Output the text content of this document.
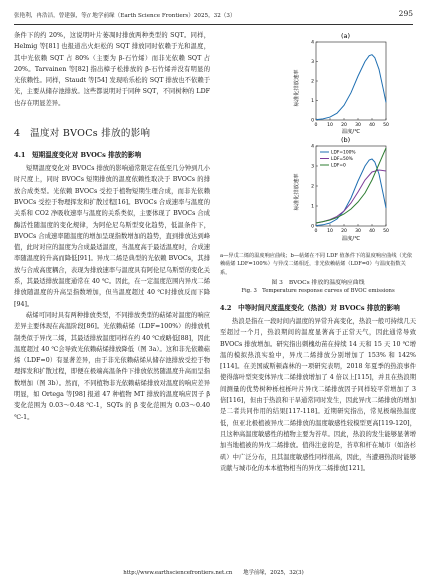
张艳利，冉浩洁，曾建强，等// 地学前缘（Earth Science Frontiers）2025，32（3）	295

条件下的约 20%，这说明叶片萎凋时排放两种类型的 SQT。同样，Helmig 等[81] 也报道出火炬松的 SQT 排放同时依赖于光和温度，其中光依赖 SQT 占 80%（主要为 β-石竹烯）而非光依赖 SQT 占 20%。Tarvainen 等[82] 指出樟子松排放的 β-石竹烯并没有明显的光依赖性。同样，Staudt 等[54] 发现哈乐松的 SQT 排放也不依赖于光，主要从储存池排放。这些都说明对于同种 SQT，不同树种的 LDF 也存在明显差异。

4　温度对 BVOCs 排放的影响
4.1　短期温度变化对 BVOCs 排放的影响

短期温度变化对 BVOCs 排放的影响通常限定在低至几分钟到几小时尺度上，同时 BVOCs 短期排放的温度依赖性取决于 BVOCs 的排放合成类型。光依赖 BVOCs 受控于植物短期生理合成，而非光依赖 BVOCs 受控于物理挥发和扩散过程[16]。BVOCs 合成速率与温度的关系和 CO2 净吸收速率与温度的关系类似，主要体现了 BVOCs 合成酶活性随温度的变化规律，为阿伦尼乌斯型变化趋势，低温条件下，BVOCs 合成速率随温度的增加呈现指数增加的趋势，直到排放达到峰值，此时对应的温度为合成最适温度，当温度高于最适温度时，合成速率随温度的升高而降低[91]。异戊二烯是典型的光依赖 BVOCs，其排放与合成高度耦合，表现为排放速率与温度具有阿伦尼乌斯型的变化关系，其最适排放温度通常在 40 ℃。因此，在一定温度范围内异戊二烯排放随温度的升高呈指数增加，但当温度超过 40 ℃时排放反而下降[94]。

萜烯可同时具有两种排放类型，不同排放类型的萜烯对温度的响应差异主要体现在高温阶段[86]。光依赖萜烯（LDF=100%）的排放机制类似于异戊二烯，其最适排放温度同样在约 40 ℃或略低[88]，因此温度超过 40 ℃会导致光依赖萜烯排放降低（图 3a）。这和非光依赖萜烯（LDF=0）有显著差异，由于非光依赖萜烯从储存池排放受控于物理挥发和扩散过程，即便在极端高温条件下排放依然随温度升高而呈指数增加（图 3b）。然而，不同植物非光依赖萜烯排放对温度的响应差异明显，如 Ortega 等[98] 报道 47 种植物 MT 排放的温度响应因子 β 变化范围为 0.03～0.48 ℃-1，SQTs 的 β 变化范围为 0.03～0.40 ℃-1。

(a)
0 10 20 30 40 50
0
1
2
3
4
标准化排放速率
温度/℃
(b)
0 10 20 30 40 50
0
1
2
3
4
LDF=100%
LDF=50%
LDF=0
标准化排放速率
温度/℃

a—异戊二烯的温度响应曲线；b—萜烯在不同 LDF 值条件下的温度响应曲线（光依赖萜烯 LDF=100%）与异戊二烯相近，非光依赖萜烯（LDF=0）与温度指数关系。

图 3　BVOCs 排放的温度响应曲线

Fig. 3　Temperature response curves of BVOC emissions

4.2　中等时间尺度温度变化（热浪）对 BVOCs 排放的影响

热浪是指在一段时间内温度的异常升高变化，热浪一般可持续几天至超过一个月，热浪期间的温度显著高于正常天气，因此通常导致 BVOCs 排放增加。研究指出刺槐幼苗在持续 14 天和 15 天 10 ℃增温的模拟热浪实验中，异戊二烯排放分别增加了 153% 和 142%[114]。在美国威斯顿森林的一项研究表明，2018 年夏季的热浪事件使得落叶型突变体异戊二烯排放增加了 4 倍以上[115]，并且在热浪期间测量的优势树种栎柱栎叶片异戊二烯排放因子同样较平常增加了 3 倍[116]，但由于热浪和干旱通常同时发生，因此异戊二烯排放的增加是二者共同作用的结果[117-118]。近期研究指出，常见极端热温度低，但亚北极植被异戊二烯排放的温度敏感性较模型更高[119-120]，且这种高温度敏感性的植物主要为苔草。因此，热浪的发生能够显著增加当地植被的异戊二烯排放。值得注意的是，苔草和杆在城市（如洛杉矶）中广泛分布，且其温度敏感性同样很高，因此，当遭遇热浪时能够贡献与城市化的本本植物相当的异戊二烯排放[121]。

http://www.earthsciencefrontiers.net.cn　　地学前缘，2025，32(3)
